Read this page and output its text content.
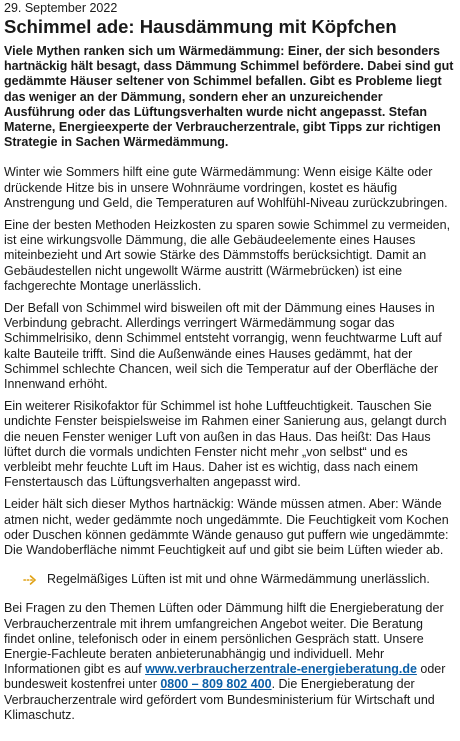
29. September 2022
Schimmel ade: Hausdämmung mit Köpfchen

Viele Mythen ranken sich um Wärmedämmung: Einer, der sich besonders hartnäckig hält besagt, dass Dämmung Schimmel befördere. Dabei sind gut gedämmte Häuser seltener von Schimmel befallen. Gibt es Probleme liegt das weniger an der Dämmung, sondern eher an unzureichender Ausführung oder das Lüftungsverhalten wurde nicht angepasst. Stefan Materne, Energieexperte der Verbraucherzentrale, gibt Tipps zur richtigen Strategie in Sachen Wärmedämmung.

Winter wie Sommers hilft eine gute Wärmedämmung: Wenn eisige Kälte oder drückende Hitze bis in unsere Wohnräume vordringen, kostet es häufig Anstrengung und Geld, die Temperaturen auf Wohlfühl-Niveau zurückzubringen.

Eine der besten Methoden Heizkosten zu sparen sowie Schimmel zu vermeiden, ist eine wirkungsvolle Dämmung, die alle Gebäudeelemente eines Hauses miteinbezieht und Art sowie Stärke des Dämmstoffs berücksichtigt. Damit an Gebäudestellen nicht ungewollt Wärme austritt (Wärmebrücken) ist eine fachgerechte Montage unerlässlich.

Der Befall von Schimmel wird bisweilen oft mit der Dämmung eines Hauses in Verbindung gebracht. Allerdings verringert Wärmedämmung sogar das Schimmelrisiko, denn Schimmel entsteht vorrangig, wenn feuchtwarme Luft auf kalte Bauteile trifft. Sind die Außenwände eines Hauses gedämmt, hat der Schimmel schlechte Chancen, weil sich die Temperatur auf der Oberfläche der Innenwand erhöht.

Ein weiterer Risikofaktor für Schimmel ist hohe Luftfeuchtigkeit. Tauschen Sie undichte Fenster beispielsweise im Rahmen einer Sanierung aus, gelangt durch die neuen Fenster weniger Luft von außen in das Haus. Das heißt: Das Haus lüftet durch die vormals undichten Fenster nicht mehr „von selbst“ und es verbleibt mehr feuchte Luft im Haus. Daher ist es wichtig, dass nach einem Fenstertausch das Lüftungsverhalten angepasst wird.

Leider hält sich dieser Mythos hartnäckig: Wände müssen atmen. Aber: Wände atmen nicht, weder gedämmte noch ungedämmte. Die Feuchtigkeit vom Kochen oder Duschen können gedämmte Wände genauso gut puffern wie ungedämmte: Die Wandoberfläche nimmt Feuchtigkeit auf und gibt sie beim Lüften wieder ab.

Regelmäßiges Lüften ist mit und ohne Wärmedämmung unerlässlich.

Bei Fragen zu den Themen Lüften oder Dämmung hilft die Energieberatung der Verbraucherzentrale mit ihrem umfangreichen Angebot weiter. Die Beratung findet online, telefonisch oder in einem persönlichen Gespräch statt. Unsere Energie-Fachleute beraten anbieterunabhängig und individuell. Mehr Informationen gibt es auf www.verbraucherzentrale-energieberatung.de oder bundesweit kostenfrei unter 0800 – 809 802 400. Die Energieberatung der Verbraucherzentrale wird gefördert vom Bundesministerium für Wirtschaft und Klimaschutz.
